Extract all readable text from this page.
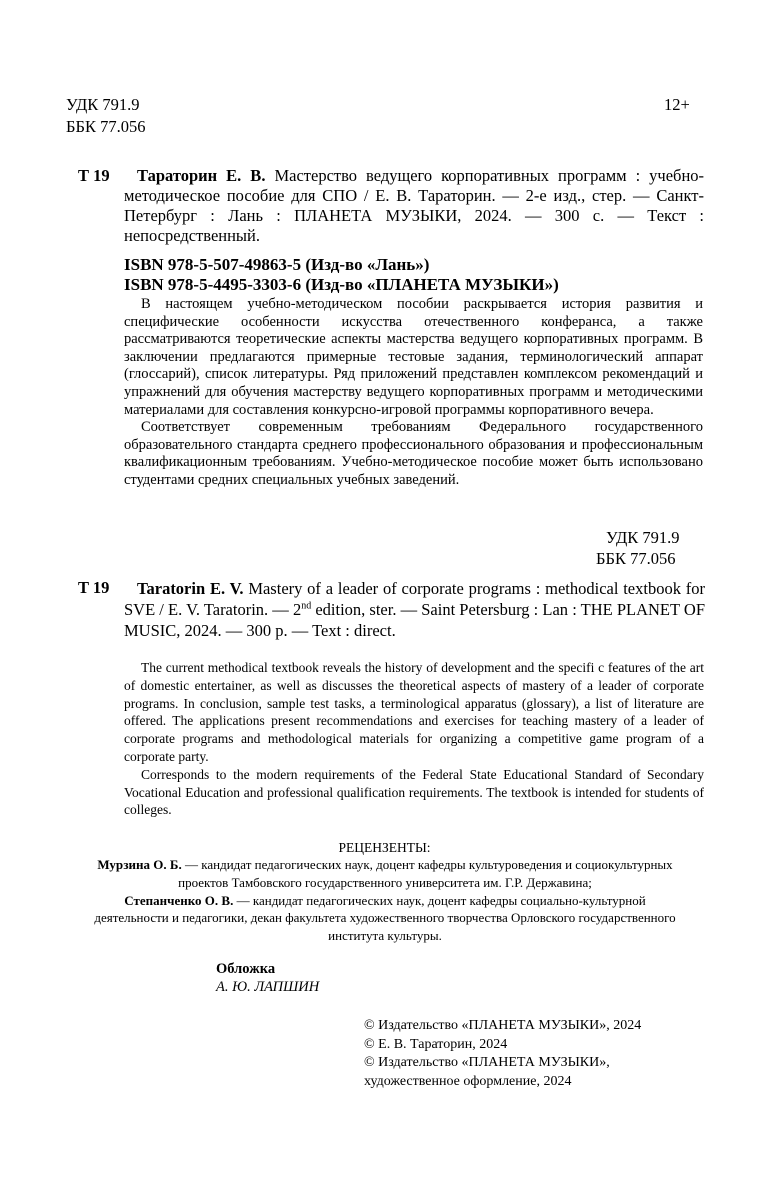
УДК 791.9
ББК 77.056
12+
Т 19	Тараторин Е. В. Мастерство ведущего корпоративных программ : учебно-методическое пособие для СПО / Е. В. Тараторин. — 2-е изд., стер. — Санкт-Петербург : Лань : ПЛАНЕТА МУЗЫКИ, 2024. — 300 с. — Текст : непосредственный.
ISBN 978-5-507-49863-5 (Изд-во «Лань»)
ISBN 978-5-4495-3303-6 (Изд-во «ПЛАНЕТА МУЗЫКИ»)

В настоящем учебно-методическом пособии раскрывается история развития и специфические особенности искусства отечественного конферанса, а также рассматриваются теоретические аспекты мастерства ведущего корпоративных программ. В заключении предлагаются примерные тестовые задания, терминологический аппарат (глоссарий), список литературы. Ряд приложений представлен комплексом рекомендаций и упражнений для обучения мастерству ведущего корпоративных программ и методическими материалами для составления конкурсно-игровой программы корпоративного вечера.

Соответствует современным требованиям Федерального государственного образовательного стандарта среднего профессионального образования и профессиональным квалификационным требованиям. Учебно-методическое пособие может быть использовано студентами средних специальных учебных заведений.

УДК 791.9
ББК 77.056
T 19	Taratorin E. V. Mastery of a leader of corporate programs : methodical textbook for SVE / E. V. Taratorin. — 2nd edition, ster. — Saint Petersburg : Lan : THE PLANET OF MUSIC, 2024. — 300 p. — Text : direct.

The current methodical textbook reveals the history of development and the specifi c features of the art of domestic entertainer, as well as discusses the theoretical aspects of mastery of a leader of corporate programs. In conclusion, sample test tasks, a terminological apparatus (glossary), a list of literature are offered. The applications present recommendations and exercises for teaching mastery of a leader of corporate programs and methodological materials for organizing a competitive game program of a corporate party.

Corresponds to the modern requirements of the Federal State Educational Standard of Secondary Vocational Education and professional qualification requirements. The textbook is intended for students of colleges.

РЕЦЕНЗЕНТЫ:

Мурзина О. Б. — кандидат педагогических наук, доцент кафедры культуроведения и социокультурных проектов Тамбовского государственного университета им. Г.Р. Державина;

Степанченко О. В. — кандидат педагогических наук, доцент кафедры социально-культурной деятельности и педагогики, декан факультета художественного творчества Орловского государственного института культуры.

Обложка
А. Ю. ЛАПШИН
© Издательство «ПЛАНЕТА МУЗЫКИ», 2024
© Е. В. Тараторин, 2024
© Издательство «ПЛАНЕТА МУЗЫКИ»,
художественное оформление, 2024
